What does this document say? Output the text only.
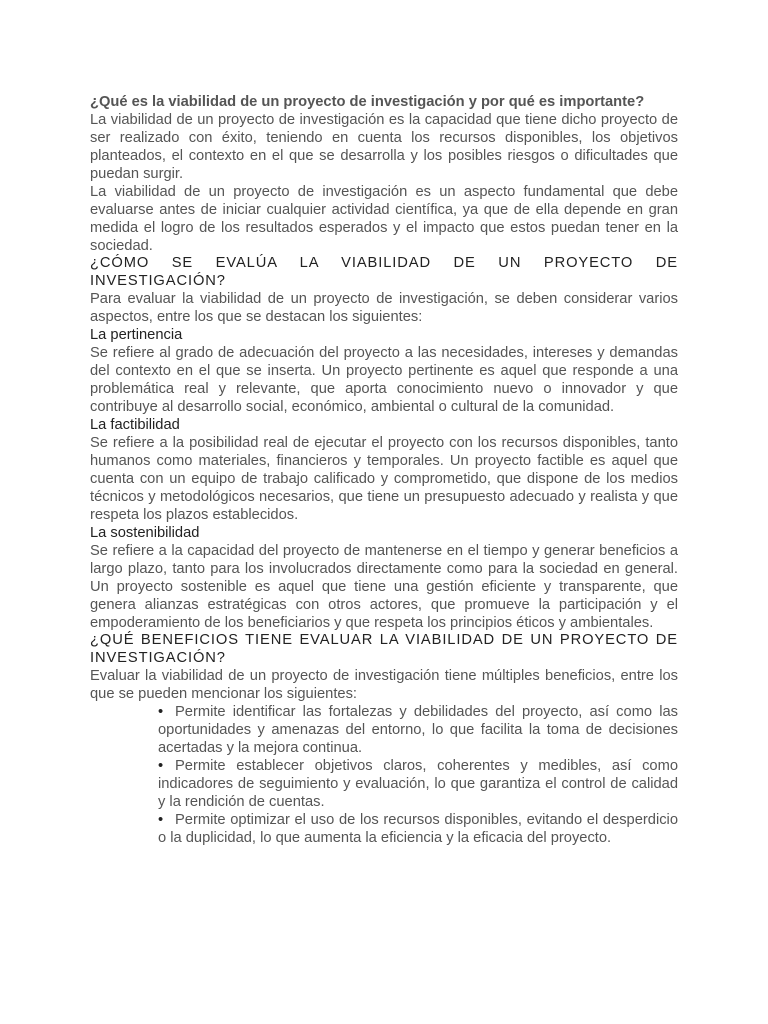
¿Qué es la viabilidad de un proyecto de investigación y por qué es importante?

La viabilidad de un proyecto de investigación es la capacidad que tiene dicho proyecto de ser realizado con éxito, teniendo en cuenta los recursos disponibles, los objetivos planteados, el contexto en el que se desarrolla y los posibles riesgos o dificultades que puedan surgir.

La viabilidad de un proyecto de investigación es un aspecto fundamental que debe evaluarse antes de iniciar cualquier actividad científica, ya que de ella depende en gran medida el logro de los resultados esperados y el impacto que estos puedan tener en la sociedad.

¿CÓMO SE EVALÚA LA VIABILIDAD DE UN PROYECTO DE INVESTIGACIÓN?

Para evaluar la viabilidad de un proyecto de investigación, se deben considerar varios aspectos, entre los que se destacan los siguientes:

La pertinencia

Se refiere al grado de adecuación del proyecto a las necesidades, intereses y demandas del contexto en el que se inserta. Un proyecto pertinente es aquel que responde a una problemática real y relevante, que aporta conocimiento nuevo o innovador y que contribuye al desarrollo social, económico, ambiental o cultural de la comunidad.

La factibilidad

Se refiere a la posibilidad real de ejecutar el proyecto con los recursos disponibles, tanto humanos como materiales, financieros y temporales. Un proyecto factible es aquel que cuenta con un equipo de trabajo calificado y comprometido, que dispone de los medios técnicos y metodológicos necesarios, que tiene un presupuesto adecuado y realista y que respeta los plazos establecidos.

La sostenibilidad

Se refiere a la capacidad del proyecto de mantenerse en el tiempo y generar beneficios a largo plazo, tanto para los involucrados directamente como para la sociedad en general. Un proyecto sostenible es aquel que tiene una gestión eficiente y transparente, que genera alianzas estratégicas con otros actores, que promueve la participación y el empoderamiento de los beneficiarios y que respeta los principios éticos y ambientales.

¿QUÉ BENEFICIOS TIENE EVALUAR LA VIABILIDAD DE UN PROYECTO DE INVESTIGACIÓN?

Evaluar la viabilidad de un proyecto de investigación tiene múltiples beneficios, entre los que se pueden mencionar los siguientes:

• Permite identificar las fortalezas y debilidades del proyecto, así como las oportunidades y amenazas del entorno, lo que facilita la toma de decisiones acertadas y la mejora continua.
• Permite establecer objetivos claros, coherentes y medibles, así como indicadores de seguimiento y evaluación, lo que garantiza el control de calidad y la rendición de cuentas.
• Permite optimizar el uso de los recursos disponibles, evitando el desperdicio o la duplicidad, lo que aumenta la eficiencia y la eficacia del proyecto.
